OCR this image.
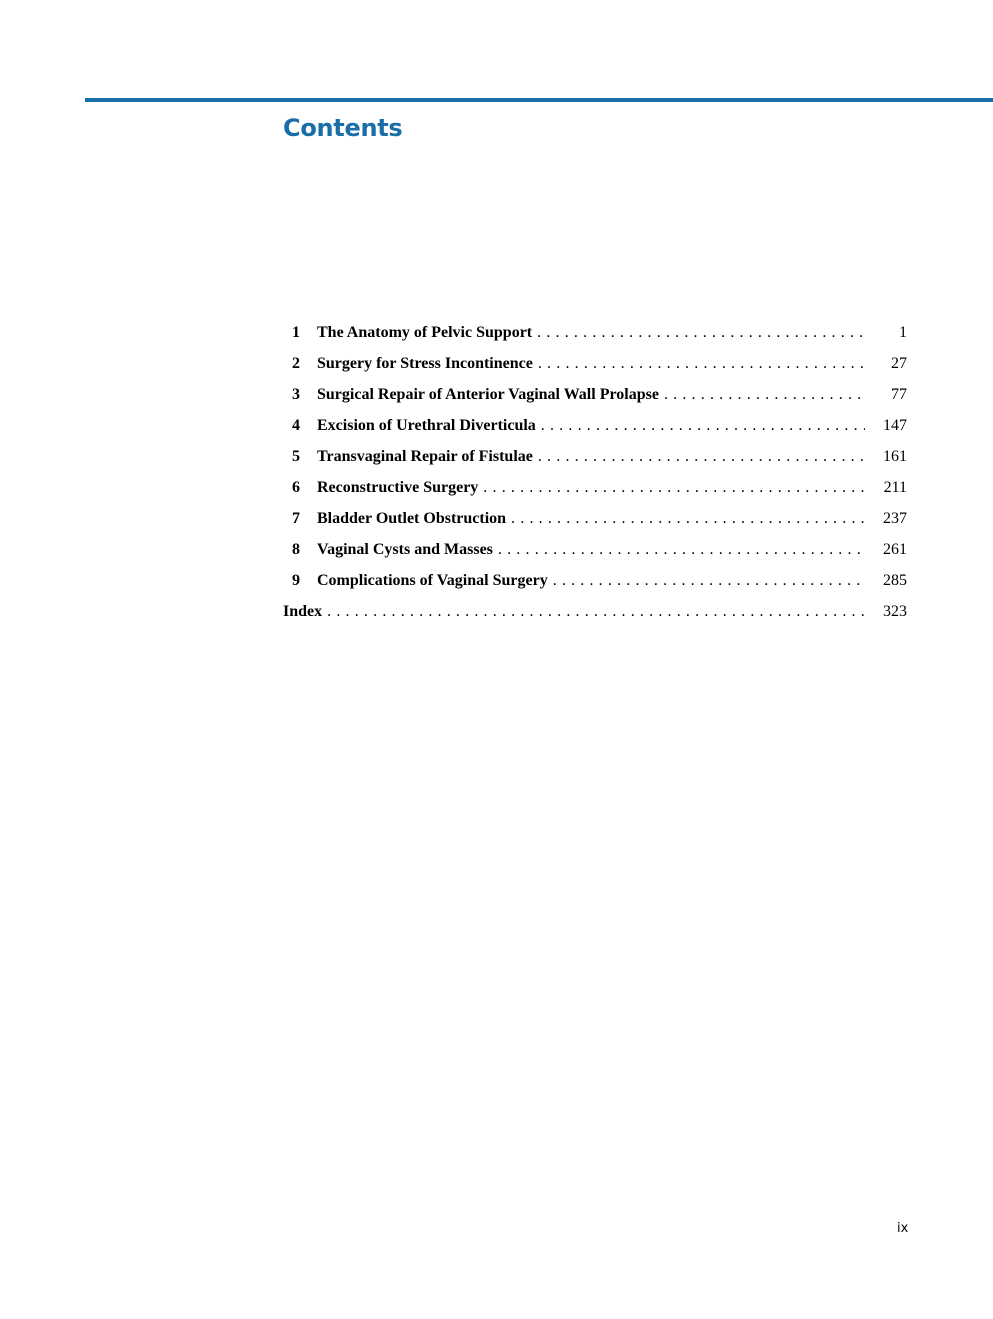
Contents
1	The Anatomy of Pelvic Support . . .	1
2	Surgery for Stress Incontinence . . .	27
3	Surgical Repair of Anterior Vaginal Wall Prolapse . . .	77
4	Excision of Urethral Diverticula . . .	147
5	Transvaginal Repair of Fistulae . . .	161
6	Reconstructive Surgery . . .	211
7	Bladder Outlet Obstruction . . .	237
8	Vaginal Cysts and Masses . . .	261
9	Complications of Vaginal Surgery . . .	285
Index . . .	323
ix
